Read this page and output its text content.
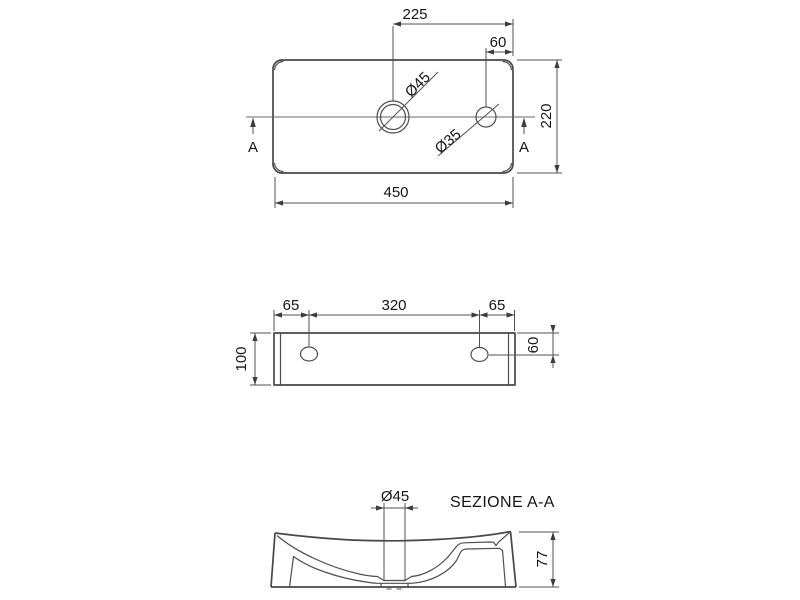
Ø45
Ø35
225
60
220
450
A	A
65	320	65
100
60
Ø45	SEZIONE A-A
77
